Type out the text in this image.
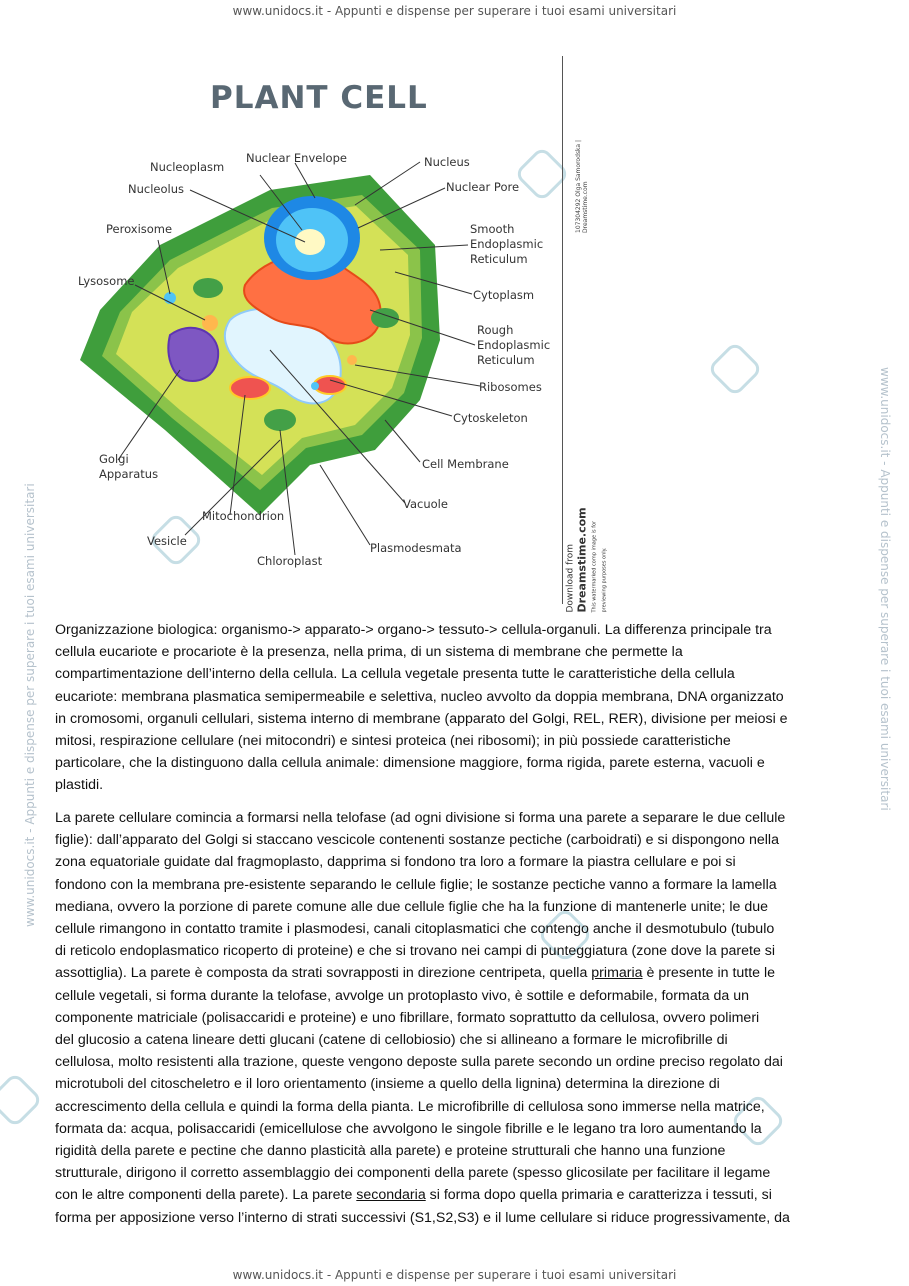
www.unidocs.it - Appunti e dispense per superare i tuoi esami universitari
www.unidocs.it - Appunti e dispense per superare i tuoi esami universitari	www.unidocs.it - Appunti e dispense per superare i tuoi esami universitari
PLANT CELL
Nucleoplasm
Nuclear Envelope	Nucleus
Nucleolus	Nuclear Pore
Peroxisome	Smooth
Endoplasmic
Reticulum
Lysosome
Cytoplasm
Rough
Endoplasmic
Reticulum
Ribosomes
Cytoskeleton
Golgi
Apparatus
Cell Membrane
Vacuole
Mitochondrion
Vesicle	Plasmodesmata
Chloroplast
107304292 Olga Samorodska | Dreamstime.com
Download from
Dreamstime.com This watermarked comp image is for previewing purposes only.
Organizzazione biologica: organismo-> apparato-> organo-> tessuto-> cellula-organuli. La differenza principale tra
cellula eucariote e procariote è la presenza, nella prima, di un sistema di membrane che permette la
compartimentazione dell’interno della cellula. La cellula vegetale presenta tutte le caratteristiche della cellula
eucariote: membrana plasmatica semipermeabile e selettiva, nucleo avvolto da doppia membrana, DNA organizzato
in cromosomi, organuli cellulari, sistema interno di membrane (apparato del Golgi, REL, RER), divisione per meiosi e
mitosi, respirazione cellulare (nei mitocondri) e sintesi proteica (nei ribosomi); in più possiede caratteristiche
particolare, che la distinguono dalla cellula animale: dimensione maggiore, forma rigida, parete esterna, vacuoli e
plastidi.
La parete cellulare comincia a formarsi nella telofase (ad ogni divisione si forma una parete a separare le due cellule
figlie): dall’apparato del Golgi si staccano vescicole contenenti sostanze pectiche (carboidrati) e si dispongono nella
zona equatoriale guidate dal fragmoplasto, dapprima si fondono tra loro a formare la piastra cellulare e poi si
fondono con la membrana pre-esistente separando le cellule figlie; le sostanze pectiche vanno a formare la lamella
mediana, ovvero la porzione di parete comune alle due cellule figlie che ha la funzione di mantenerle unite; le due
cellule rimangono in contatto tramite i plasmodesi, canali citoplasmatici che contengo anche il desmotubulo (tubulo
di reticolo endoplasmatico ricoperto di proteine) e che si trovano nei campi di punteggiatura (zone dove la parete si
assottiglia). La parete è composta da strati sovrapposti in direzione centripeta, quella primaria è presente in tutte le
cellule vegetali, si forma durante la telofase, avvolge un protoplasto vivo, è sottile e deformabile, formata da un
componente matriciale (polisaccaridi e proteine) e uno fibrillare, formato soprattutto da cellulosa, ovvero polimeri
del glucosio a catena lineare detti glucani (catene di cellobiosio) che si allineano a formare le microfibrille di
cellulosa, molto resistenti alla trazione, queste vengono deposte sulla parete secondo un ordine preciso regolato dai
microtuboli del citoscheletro e il loro orientamento (insieme a quello della lignina) determina la direzione di
accrescimento della cellula e quindi la forma della pianta. Le microfibrille di cellulosa sono immerse nella matrice,
formata da: acqua, polisaccaridi (emicellulose che avvolgono le singole fibrille e le legano tra loro aumentando la
rigidità della parete e pectine che danno plasticità alla parete) e proteine strutturali che hanno una funzione
strutturale, dirigono il corretto assemblaggio dei componenti della parete (spesso glicosilate per facilitare il legame
con le altre componenti della parete). La parete secondaria si forma dopo quella primaria e caratterizza i tessuti, si
forma per apposizione verso l’interno di strati successivi (S1,S2,S3) e il lume cellulare si riduce progressivamente, da
www.unidocs.it - Appunti e dispense per superare i tuoi esami universitari
